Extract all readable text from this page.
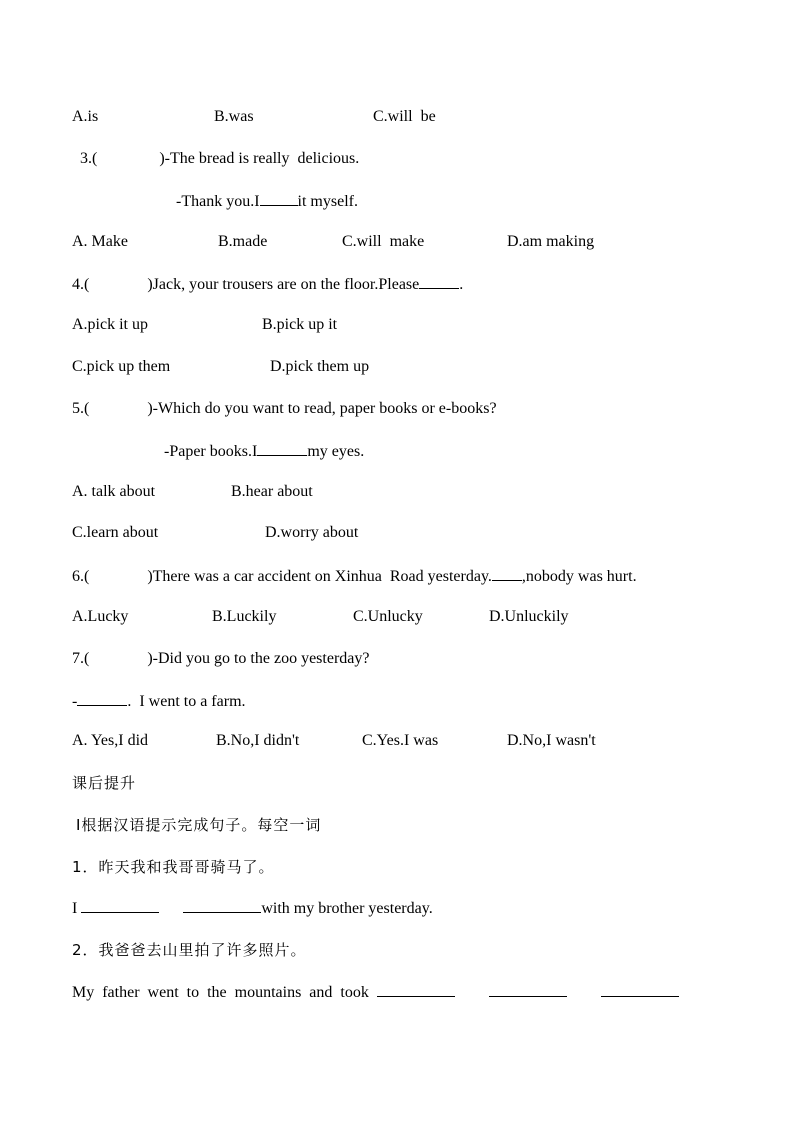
A.is	B.was	C.will  be
3.(	)-The bread is really  delicious.
-Thank you.I it myself.
A. Make	B.made	C.will  make	D.am making
4.(	)Jack, your trousers are on the floor.Please	.
A.pick it up	B.pick up it
C.pick up them	D.pick them up
5.(	)-Which do you want to read, paper books or e-books?
-Paper books.I	my eyes.
A. talk about	B.hear about
C.learn about	D.worry about
6.(	)There was a car accident on Xinhua  Road yesterday. ,nobody was hurt.
A.Lucky	B.Luckily	C.Unlucky	D.Unluckily
7.(	)-Did you go to the zoo yesterday?
-	.  I went to a farm.
A. Yes,I did	B.No,I didn't	C.Yes.I was	D.No,I wasn't
课后提升
Ⅰ根据汉语提示完成句子。每空一词
1．昨天我和我哥哥骑马了。
I	with my brother yesterday.
2．我爸爸去山里拍了许多照片。
My  father  went  to  the  mountains  and  took
